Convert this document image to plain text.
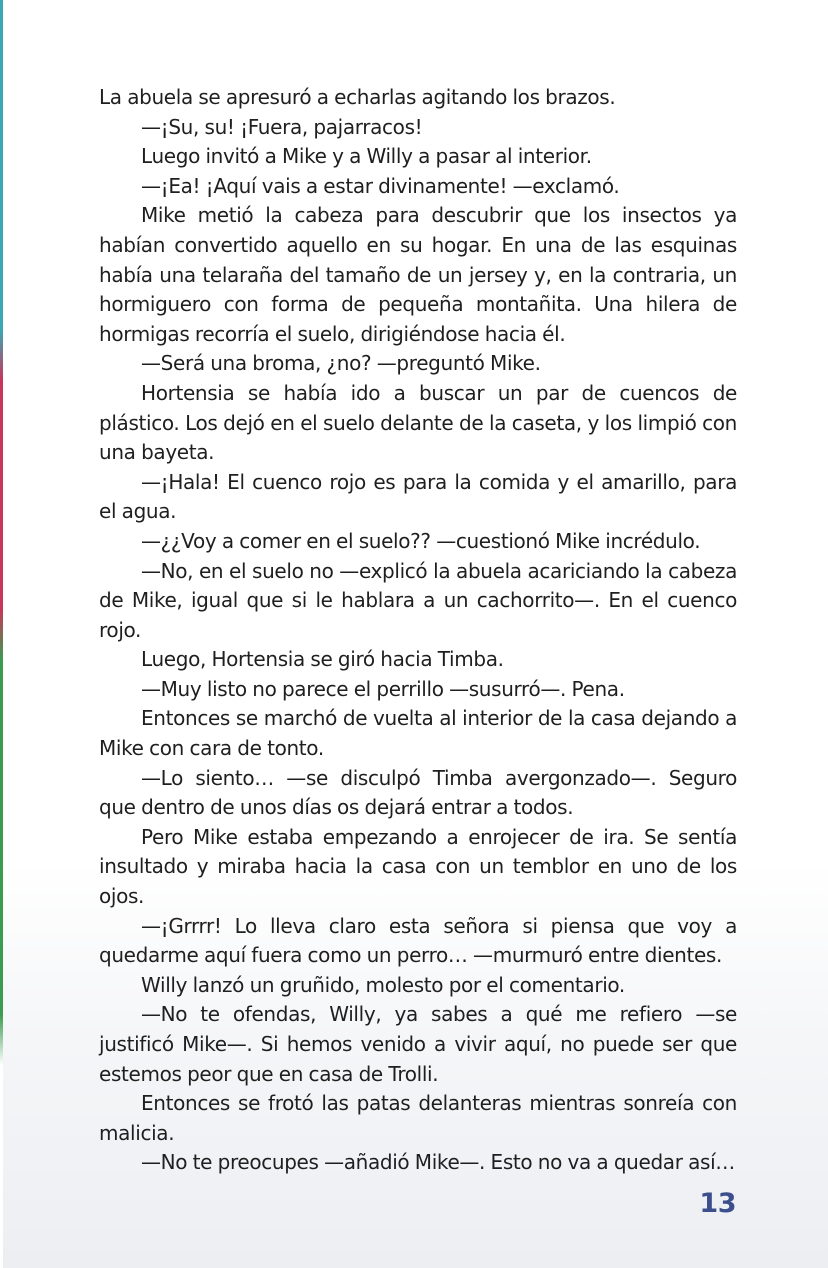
La abuela se apresuró a echarlas agitando los brazos.

—¡Su, su! ¡Fuera, pajarracos!

Luego invitó a Mike y a Willy a pasar al interior.

—¡Ea! ¡Aquí vais a estar divinamente! —exclamó.

Mike metió la cabeza para descubrir que los insectos ya habían convertido aquello en su hogar. En una de las esquinas había una telaraña del tamaño de un jersey y, en la contraria, un hormiguero con forma de pequeña montañita. Una hilera de hormigas recorría el suelo, dirigiéndose hacia él.

—Será una broma, ¿no? —preguntó Mike.

Hortensia se había ido a buscar un par de cuencos de plástico. Los dejó en el suelo delante de la caseta, y los limpió con una bayeta.

—¡Hala! El cuenco rojo es para la comida y el amarillo, para el agua.

—¿¿Voy a comer en el suelo?? —cuestionó Mike incrédulo.

—No, en el suelo no —explicó la abuela acariciando la cabeza de Mike, igual que si le hablara a un cachorrito—. En el cuenco rojo.

Luego, Hortensia se giró hacia Timba.

—Muy listo no parece el perrillo —susurró—. Pena.

Entonces se marchó de vuelta al interior de la casa dejando a Mike con cara de tonto.

—Lo siento… —se disculpó Timba avergonzado—. Seguro que dentro de unos días os dejará entrar a todos.

Pero Mike estaba empezando a enrojecer de ira. Se sentía insultado y miraba hacia la casa con un temblor en uno de los ojos.

—¡Grrrr! Lo lleva claro esta señora si piensa que voy a quedarme aquí fuera como un perro… —murmuró entre dientes.

Willy lanzó un gruñido, molesto por el comentario.

—No te ofendas, Willy, ya sabes a qué me refiero —se justificó Mike—. Si hemos venido a vivir aquí, no puede ser que estemos peor que en casa de Trolli.

Entonces se frotó las patas delanteras mientras sonreía con malicia.

—No te preocupes —añadió Mike—. Esto no va a quedar así…

13
